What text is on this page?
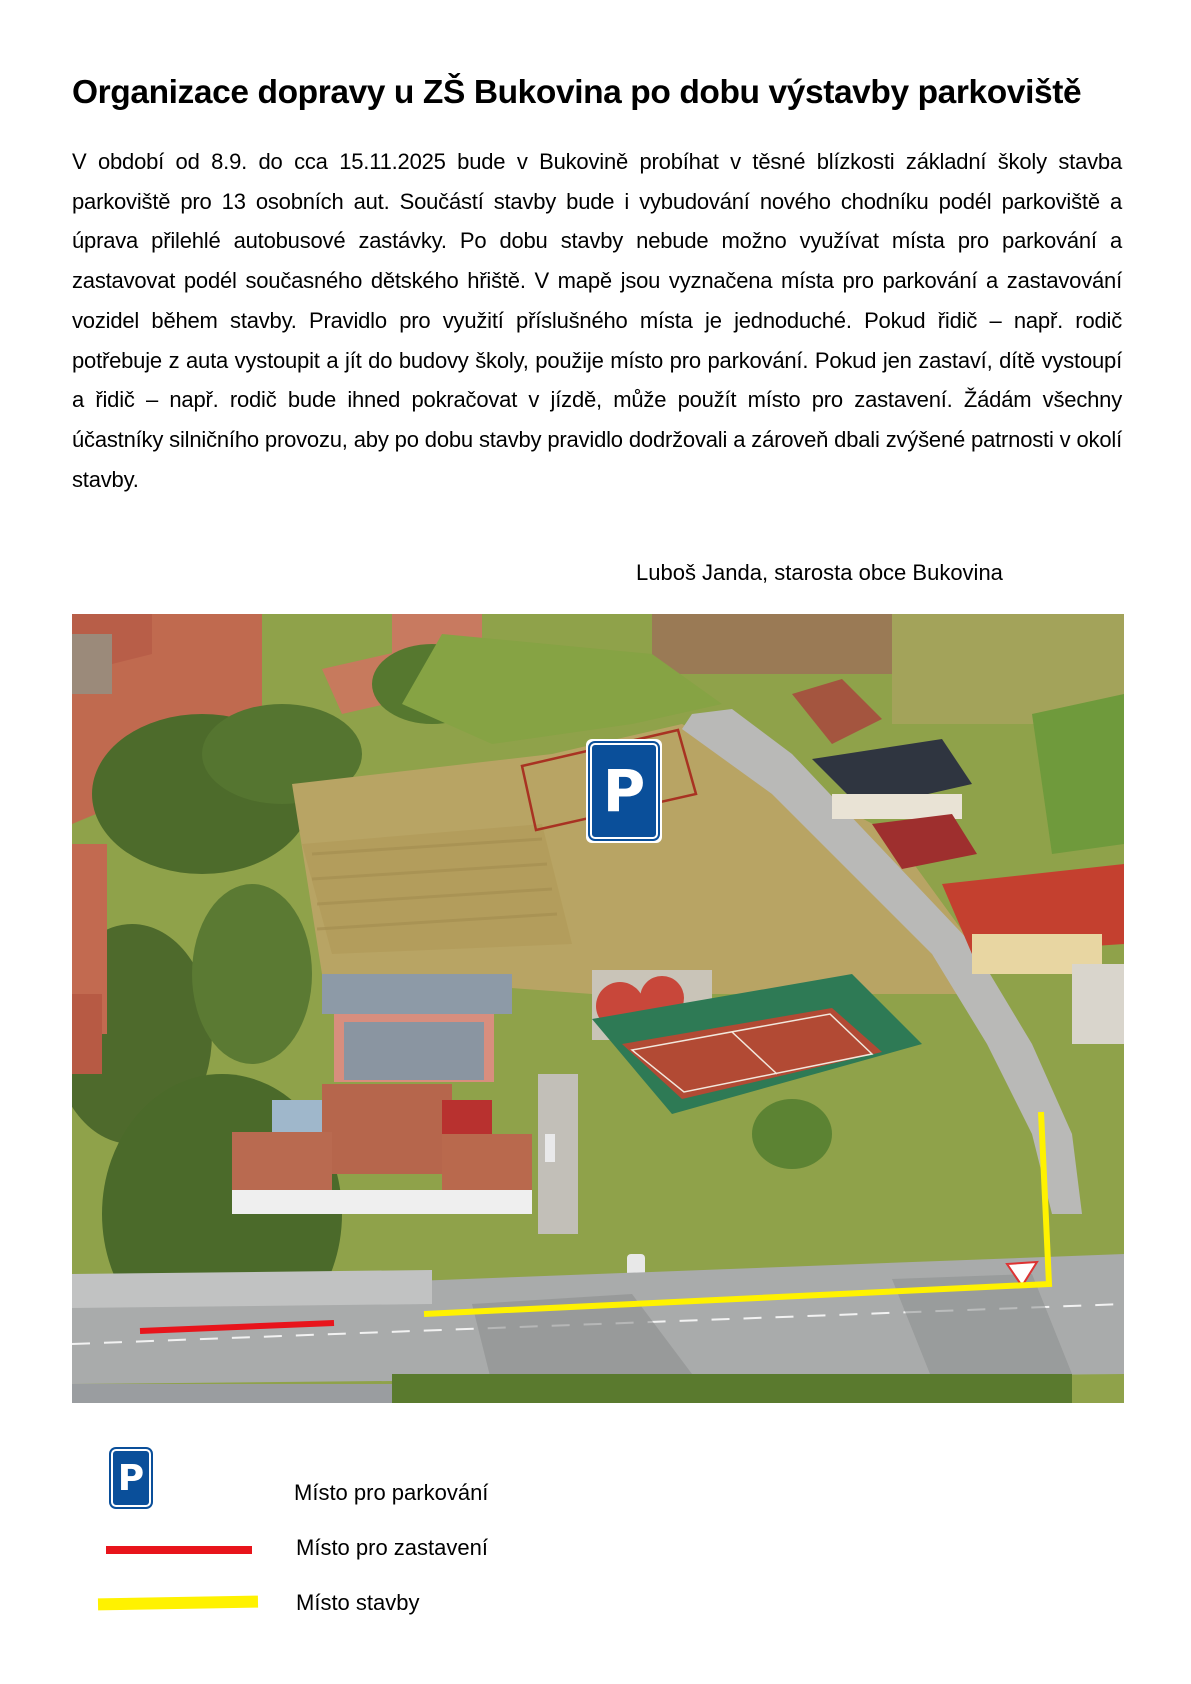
Organizace dopravy u ZŠ Bukovina po dobu výstavby parkoviště

V období od 8.9. do cca 15.11.2025 bude v Bukovině probíhat v těsné blízkosti základní školy stavba parkoviště pro 13 osobních aut. Součástí stavby bude i vybudování nového chodníku podél parkoviště a úprava přilehlé autobusové zastávky. Po dobu stavby nebude možno využívat místa pro parkování a zastavovat podél současného dětského hřiště. V mapě jsou vyznačena místa pro parkování a zastavování vozidel během stavby. Pravidlo pro využití příslušného místa je jednoduché. Pokud řidič – např. rodič potřebuje z auta vystoupit a jít do budovy školy, použije místo pro parkování. Pokud jen zastaví, dítě vystoupí a řidič – např. rodič bude ihned pokračovat v jízdě, může použít místo pro zastavení. Žádám všechny účastníky silničního provozu, aby po dobu stavby pravidlo dodržovali a zároveň dbali zvýšené patrnosti v okolí stavby.

Luboš Janda, starosta obce Bukovina
P
P	Místo pro parkování
Místo pro zastavení
Místo stavby
